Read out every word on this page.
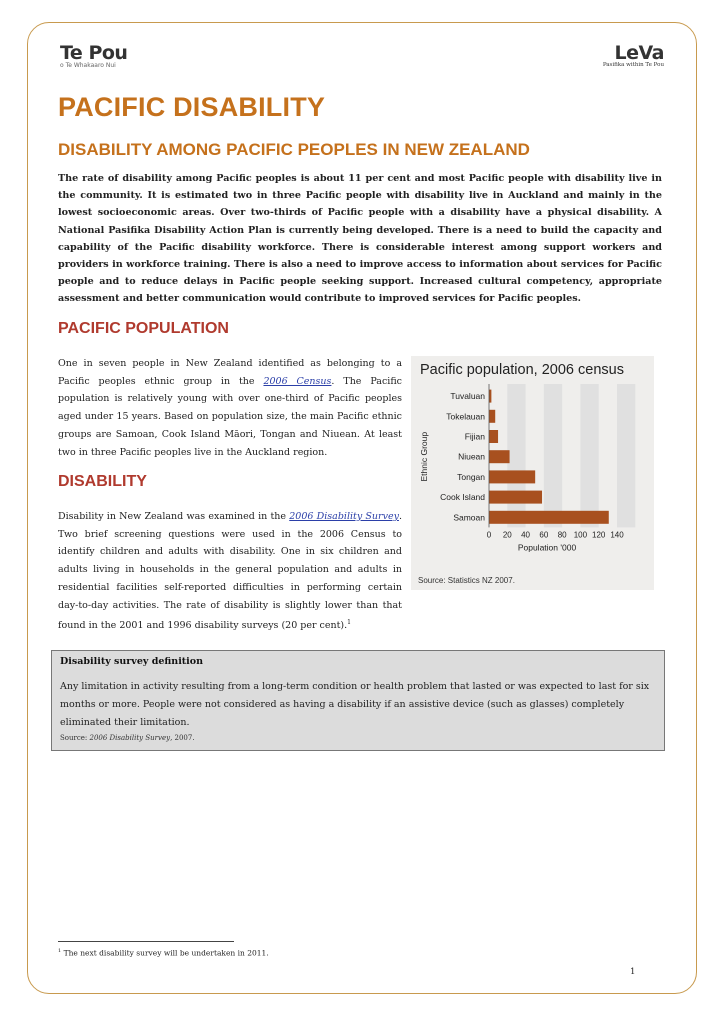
Te Pou
o Te Whakaaro Nui
LeVa
Pasifika within Te Pou
PACIFIC DISABILITY
DISABILITY AMONG PACIFIC PEOPLES IN NEW ZEALAND

The rate of disability among Pacific peoples is about 11 per cent and most Pacific people with disability live in the community. It is estimated two in three Pacific people with disability live in Auckland and mainly in the lowest socioeconomic areas. Over two-thirds of Pacific people with a disability have a physical disability. A National Pasifika Disability Action Plan is currently being developed. There is a need to build the capacity and capability of the Pacific disability workforce. There is considerable interest among support workers and providers in workforce training. There is also a need to improve access to information about services for Pacific people and to reduce delays in Pacific people seeking support. Increased cultural competency, appropriate assessment and better communication would contribute to improved services for Pacific peoples.

PACIFIC POPULATION

One in seven people in New Zealand identified as belonging to a Pacific peoples ethnic group in the 2006 Census. The Pacific population is relatively young with over one-third of Pacific peoples aged under 15 years. Based on population size, the main Pacific ethnic groups are Samoan, Cook Island Māori, Tongan and Niuean. At least two in three Pacific peoples live in the Auckland region.

DISABILITY

Disability in New Zealand was examined in the 2006 Disability Survey. Two brief screening questions were used in the 2006 Census to identify children and adults with disability. One in six children and adults living in households in the general population and adults in residential facilities self-reported difficulties in performing certain day-to-day activities. The rate of disability is slightly lower than that found in the 2001 and 1996 disability surveys (20 per cent).$^1$

Pacific population, 2006 census

Tuvaluan
Tokelauan
Fijian
Niuean
Tongan
Cook Island
Samoan
0 20 40 60 80 100 120 140
Population '000
Ethnic Group

Source: Statistics NZ 2007.

Disability survey definition

Any limitation in activity resulting from a long-term condition or health problem that lasted or was expected to last for six months or more. People were not considered as having a disability if an assistive device (such as glasses) completely eliminated their limitation.

Source: 2006 Disability Survey, 2007.

$^1$ The next disability survey will be undertaken in 2011.

1
